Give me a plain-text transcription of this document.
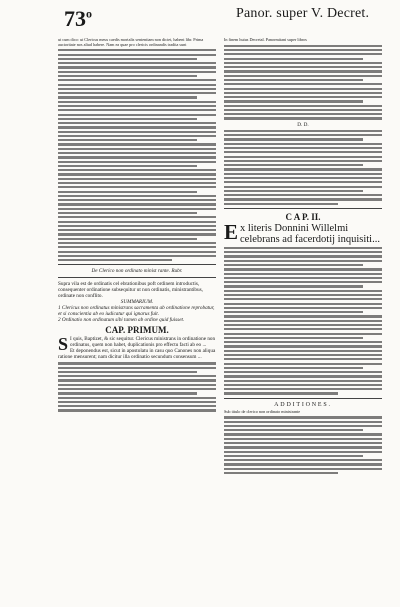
73$^o$	Panor. super V. Decret.
ut cum dico: ut Clericus meus caedis mortalis sententiam non dictet, habent libr. Prima auctoritate nos aliud habere. Nam ea quae pro clericis ordinandis tradita sunt
De Clerico non ordinato minist rante. Rubr.
Supra vila est de ordinatis cel ebrationibus poft ordinem introductis, consequenter ordinatione subsequitur ut non ordinatis, ministrantibus, ordinate non conflito.
SUMMARIUM.
1 Clericus non ordinatus ministrans sacramenta ab ordinatione reprobatur, et si conscientia ab eo iudicatur qui ignarus fuit.
2 Ordinatio non ordinatum sibi tamen ab ordine quid fuisset.
CAP. PRIMUM.
S I quis, Baptizet, & sic sequitur. Clericus ministrans in ordinatione non ordinatus, quem non habet, duplicationis pro effectu facti ab eo ...
Et deponendus est, sicut in apostolatu in casu quo Canones non aliqua ratione mensurent; nam dicitur illa ordinatio secundum consensum ...
In finem huius Decretal. Panormitani super libros
D. D.
C A P. II.
E x literis Donnini Willelmi celebrans ad facerdotij inquisiti...
ADDITIONES.
Sub titulo de clerico non ordinato ministrante
